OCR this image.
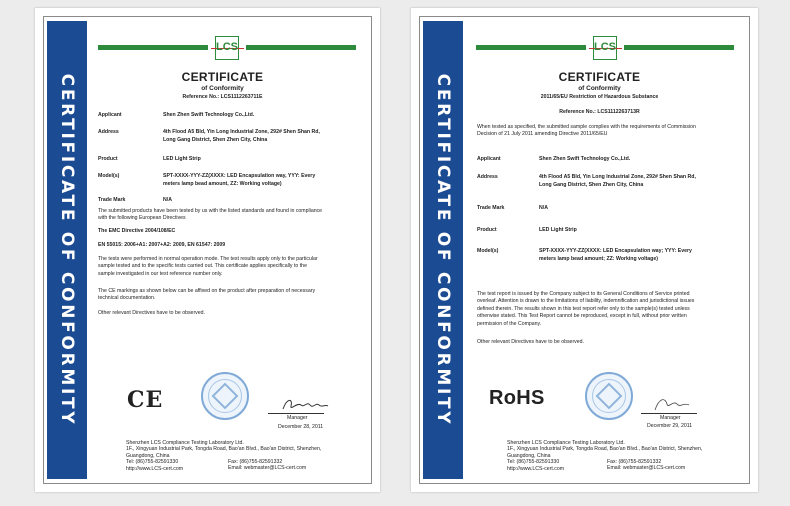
CERTIFICATE OF CONFORMITY
LCS
CERTIFICATE
of Conformity
Reference No.: LCS1112263711E
Applicant	Shen Zhen Swift Technology Co.,Ltd.
Address	4th Flood A5 Bld, Yin Long Industrial Zone, 292# Shen Shan Rd,
Long Gang District, Shen Zhen City, China
Product	LED Light Strip
Model(s)	SPT-XXXX-YYY-ZZ(XXXX: LED Encapsulation way, YYY: Every
meters lamp bead amount, ZZ: Working voltage)
Trade Mark	N/A
The submitted products have been tested by us with the listed standards and found in compliance
with the following European Directives
The EMC Directive 2004/108/EC
EN 55015: 2006+A1: 2007+A2: 2009, EN 61547: 2009
The tests were performed in normal operation mode. The test results apply only to the particular
sample tested and to the specific tests carried out. This certificate applies specifically to the
sample investigated in our test reference number only.
The CE markings as shown below can be affixed on the product after preparation of necessary
technical documentation.
Other relevant Directives have to be observed.
CE
Manager
December 28, 2011
Shenzhen LCS Compliance Testing Laboratory Ltd.
1F., Xingyuan Industrial Park, Tongda Road, Bao'an Blvd., Bao'an District, Shenzhen,
Guangdong, China
Tel: (86)755-82591330
http://www.LCS-cert.com
Fax: (86)755-82591332
Email: webmaster@LCS-cert.com
CERTIFICATE OF CONFORMITY
LCS
CERTIFICATE
of Conformity
2011/65/EU Restriction of Hazardous Substance
Reference No.: LCS1112263713R
When tested as specified, the submitted sample complies with the requirements of Commission
Decision of 21 July 2011 amending Directive 2011/65/EU
Applicant	Shen Zhen Swift Technology Co.,Ltd.
Address	4th Flood A5 Bld, Yin Long Industrial Zone, 292# Shen Shan Rd,
Long Gang District, Shen Zhen City, China
Trade Mark	N/A
Product	LED Light Strip
Model(s)	SPT-XXXX-YYY-ZZ(XXXX: LED Encapsulation way; YYY: Every
meters lamp bead amount; ZZ: Working voltage)
The test report is issued by the Company subject to its General Conditions of Service printed
overleaf. Attention is drawn to the limitations of liability, indemnification and jurisdictional issues
defined therein. The results shown in this test report refer only to the sample(s) tested unless
otherwise stated. This Test Report cannot be reproduced, except in full, without prior written
permission of the Company.
Other relevant Directives have to be observed.
RoHS
Manager
December 29, 2011
Shenzhen LCS Compliance Testing Laboratory Ltd.
1F., Xingyuan Industrial Park, Tongda Road, Bao'an Blvd., Bao'an District, Shenzhen,
Guangdong, China
Tel: (86)755-82591330
http://www.LCS-cert.com
Fax: (86)755-82591332
Email: webmaster@LCS-cert.com
